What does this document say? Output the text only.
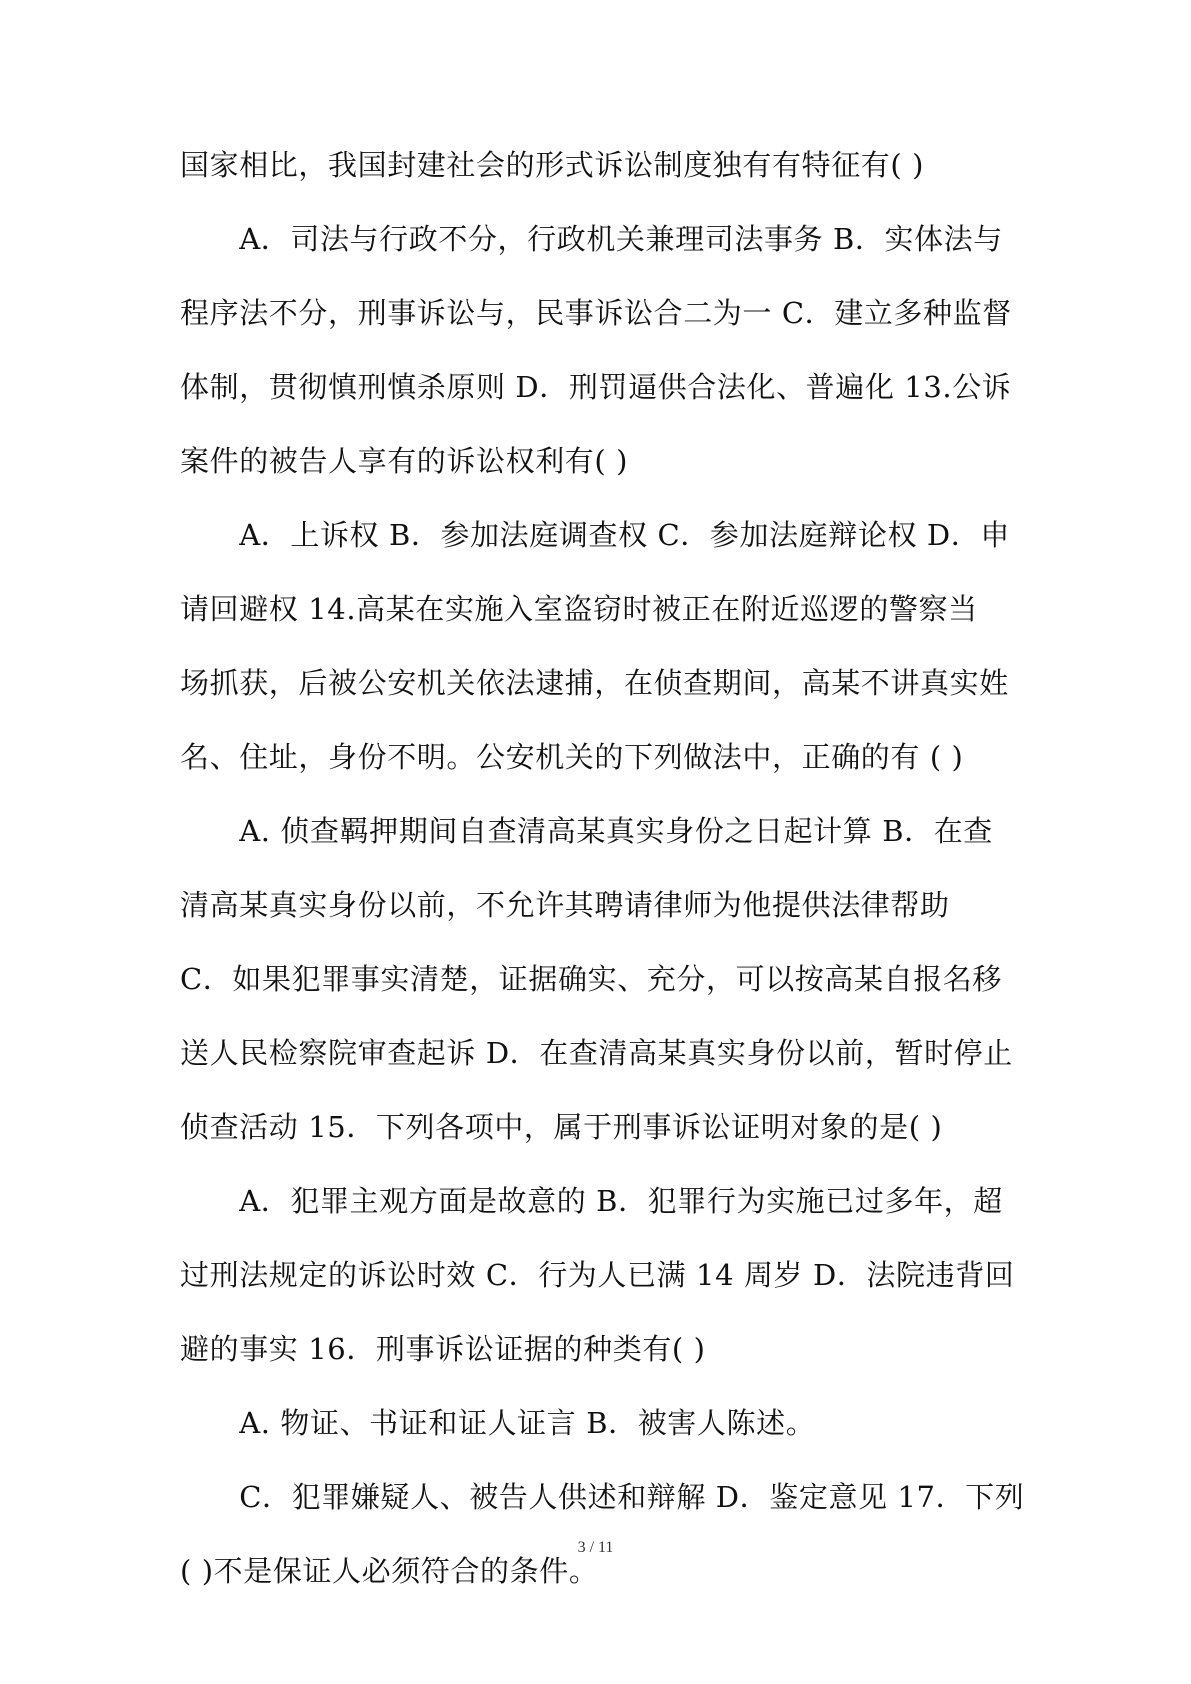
国家相比，我国封建社会的形式诉讼制度独有有特征有( )
　　A．司法与行政不分，行政机关兼理司法事务 B．实体法与
程序法不分，刑事诉讼与，民事诉讼合二为一 C．建立多种监督
体制，贯彻慎刑慎杀原则 D．刑罚逼供合法化、普遍化 13.公诉
案件的被告人享有的诉讼权利有( )
　　A．上诉权 B．参加法庭调查权 C．参加法庭辩论权 D．申
请回避权 14.高某在实施入室盗窃时被正在附近巡逻的警察当
场抓获，后被公安机关依法逮捕，在侦查期间，高某不讲真实姓
名、住址，身份不明。公安机关的下列做法中，正确的有 ( )
　　A. 侦查羁押期间自查清高某真实身份之日起计算 B．在查
清高某真实身份以前，不允许其聘请律师为他提供法律帮助
C．如果犯罪事实清楚，证据确实、充分，可以按高某自报名移
送人民检察院审查起诉 D．在查清高某真实身份以前，暂时停止
侦查活动 15．下列各项中，属于刑事诉讼证明对象的是( )
　　A．犯罪主观方面是故意的 B．犯罪行为实施已过多年，超
过刑法规定的诉讼时效 C．行为人已满 14 周岁 D．法院违背回
避的事实 16．刑事诉讼证据的种类有( )
　　A. 物证、书证和证人证言 B．被害人陈述。
　　C．犯罪嫌疑人、被告人供述和辩解 D．鉴定意见 17．下列
( )不是保证人必须符合的条件。
3 / 11
